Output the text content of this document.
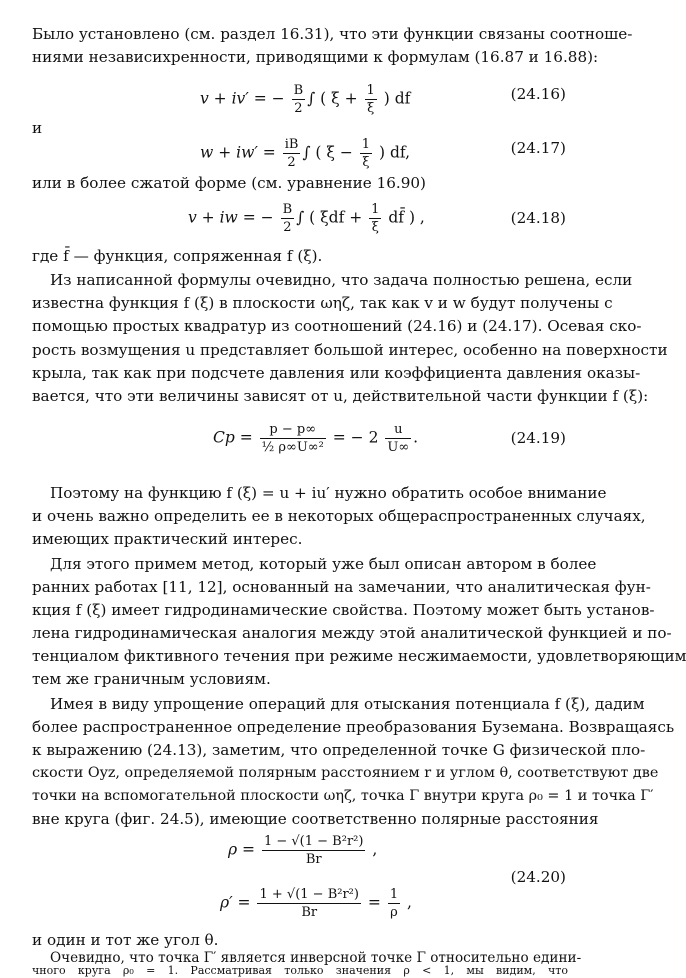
Было установлено (см. раздел 16.31), что эти функции связаны соотноше-
ниями независихренности, приводящими к формулам (16.87 и 16.88):
v + iv′ = − $\frac{B}{2}$ ∫ ( $\xi + \frac{1}{\xi}$ ) df	(24.16)
и
$w + iw' = \frac{iB}{2}$ ∫ ( $\xi - \frac{1}{\xi}$ ) df,	(24.17)
или в более сжатой форме (см. уравнение 16.90)
v + iw = − $\frac{B}{2}$ ∫ ( $\xi df + \frac{1}{\xi}$ df̄ ) ,	(24.18)
где f̄ — функция, сопряженная f (ξ).
Из написанной формулы очевидно, что задача полностью решена, если
известна функция f (ξ) в плоскости ωηζ, так как v и w будут получены с
помощью простых квадратур из соотношений (24.16) и (24.17). Осевая ско-
рость возмущения u представляет большой интерес, особенно на поверхности
крыла, так как при подсчете давления или коэффициента давления оказы-
вается, что эти величины зависят от u, действительной части функции f (ξ):
$Cp = \frac{p - p\infty}{\text{½ ρ∞U∞²}}$ = − $2 \frac{u}{U\infty}$ .	(24.19)
Поэтому на функцию f (ξ) = u + iu′ нужно обратить особое внимание
и очень важно определить ее в некоторых общераспространенных случаях,
имеющих практический интерес.
Для этого примем метод, который уже был описан автором в более
ранних работах [11, 12], основанный на замечании, что аналитическая фун-
кция f (ξ) имеет гидродинамические свойства. Поэтому может быть установ-
лена гидродинамическая аналогия между этой аналитической функцией и по-
тенциалом фиктивного течения при режиме несжимаемости, удовлетворяющим
тем же граничным условиям.
Имея в виду упрощение операций для отыскания потенциала f (ξ), дадим
более распространенное определение преобразования Буземана. Возвращаясь
к выражению (24.13), заметим, что определенной точке G физической пло-
скости Oyz, определяемой полярным расстоянием r и углом θ, соответствуют две
точки на вспомогательной плоскости ωηζ, точка Γ внутри круга ρ₀ = 1 и точка Γ′
вне круга (фиг. 24.5), имеющие соответственно полярные расстояния
$\rho = \frac{\text{1 − √(1 − B²r²)}}{Br}$ ,
(24.20)
$\rho' = \frac{\text{1 + √(1 − B²r²)}}{Br} = \frac{1}{\rho}$ ,
и один и тот же угол θ.
Очевидно, что точка Γ′ является инверсной точке Γ относительно едини-
чного круга ρ₀ = 1. Рассматривая только значения ρ < 1, мы видим, что
